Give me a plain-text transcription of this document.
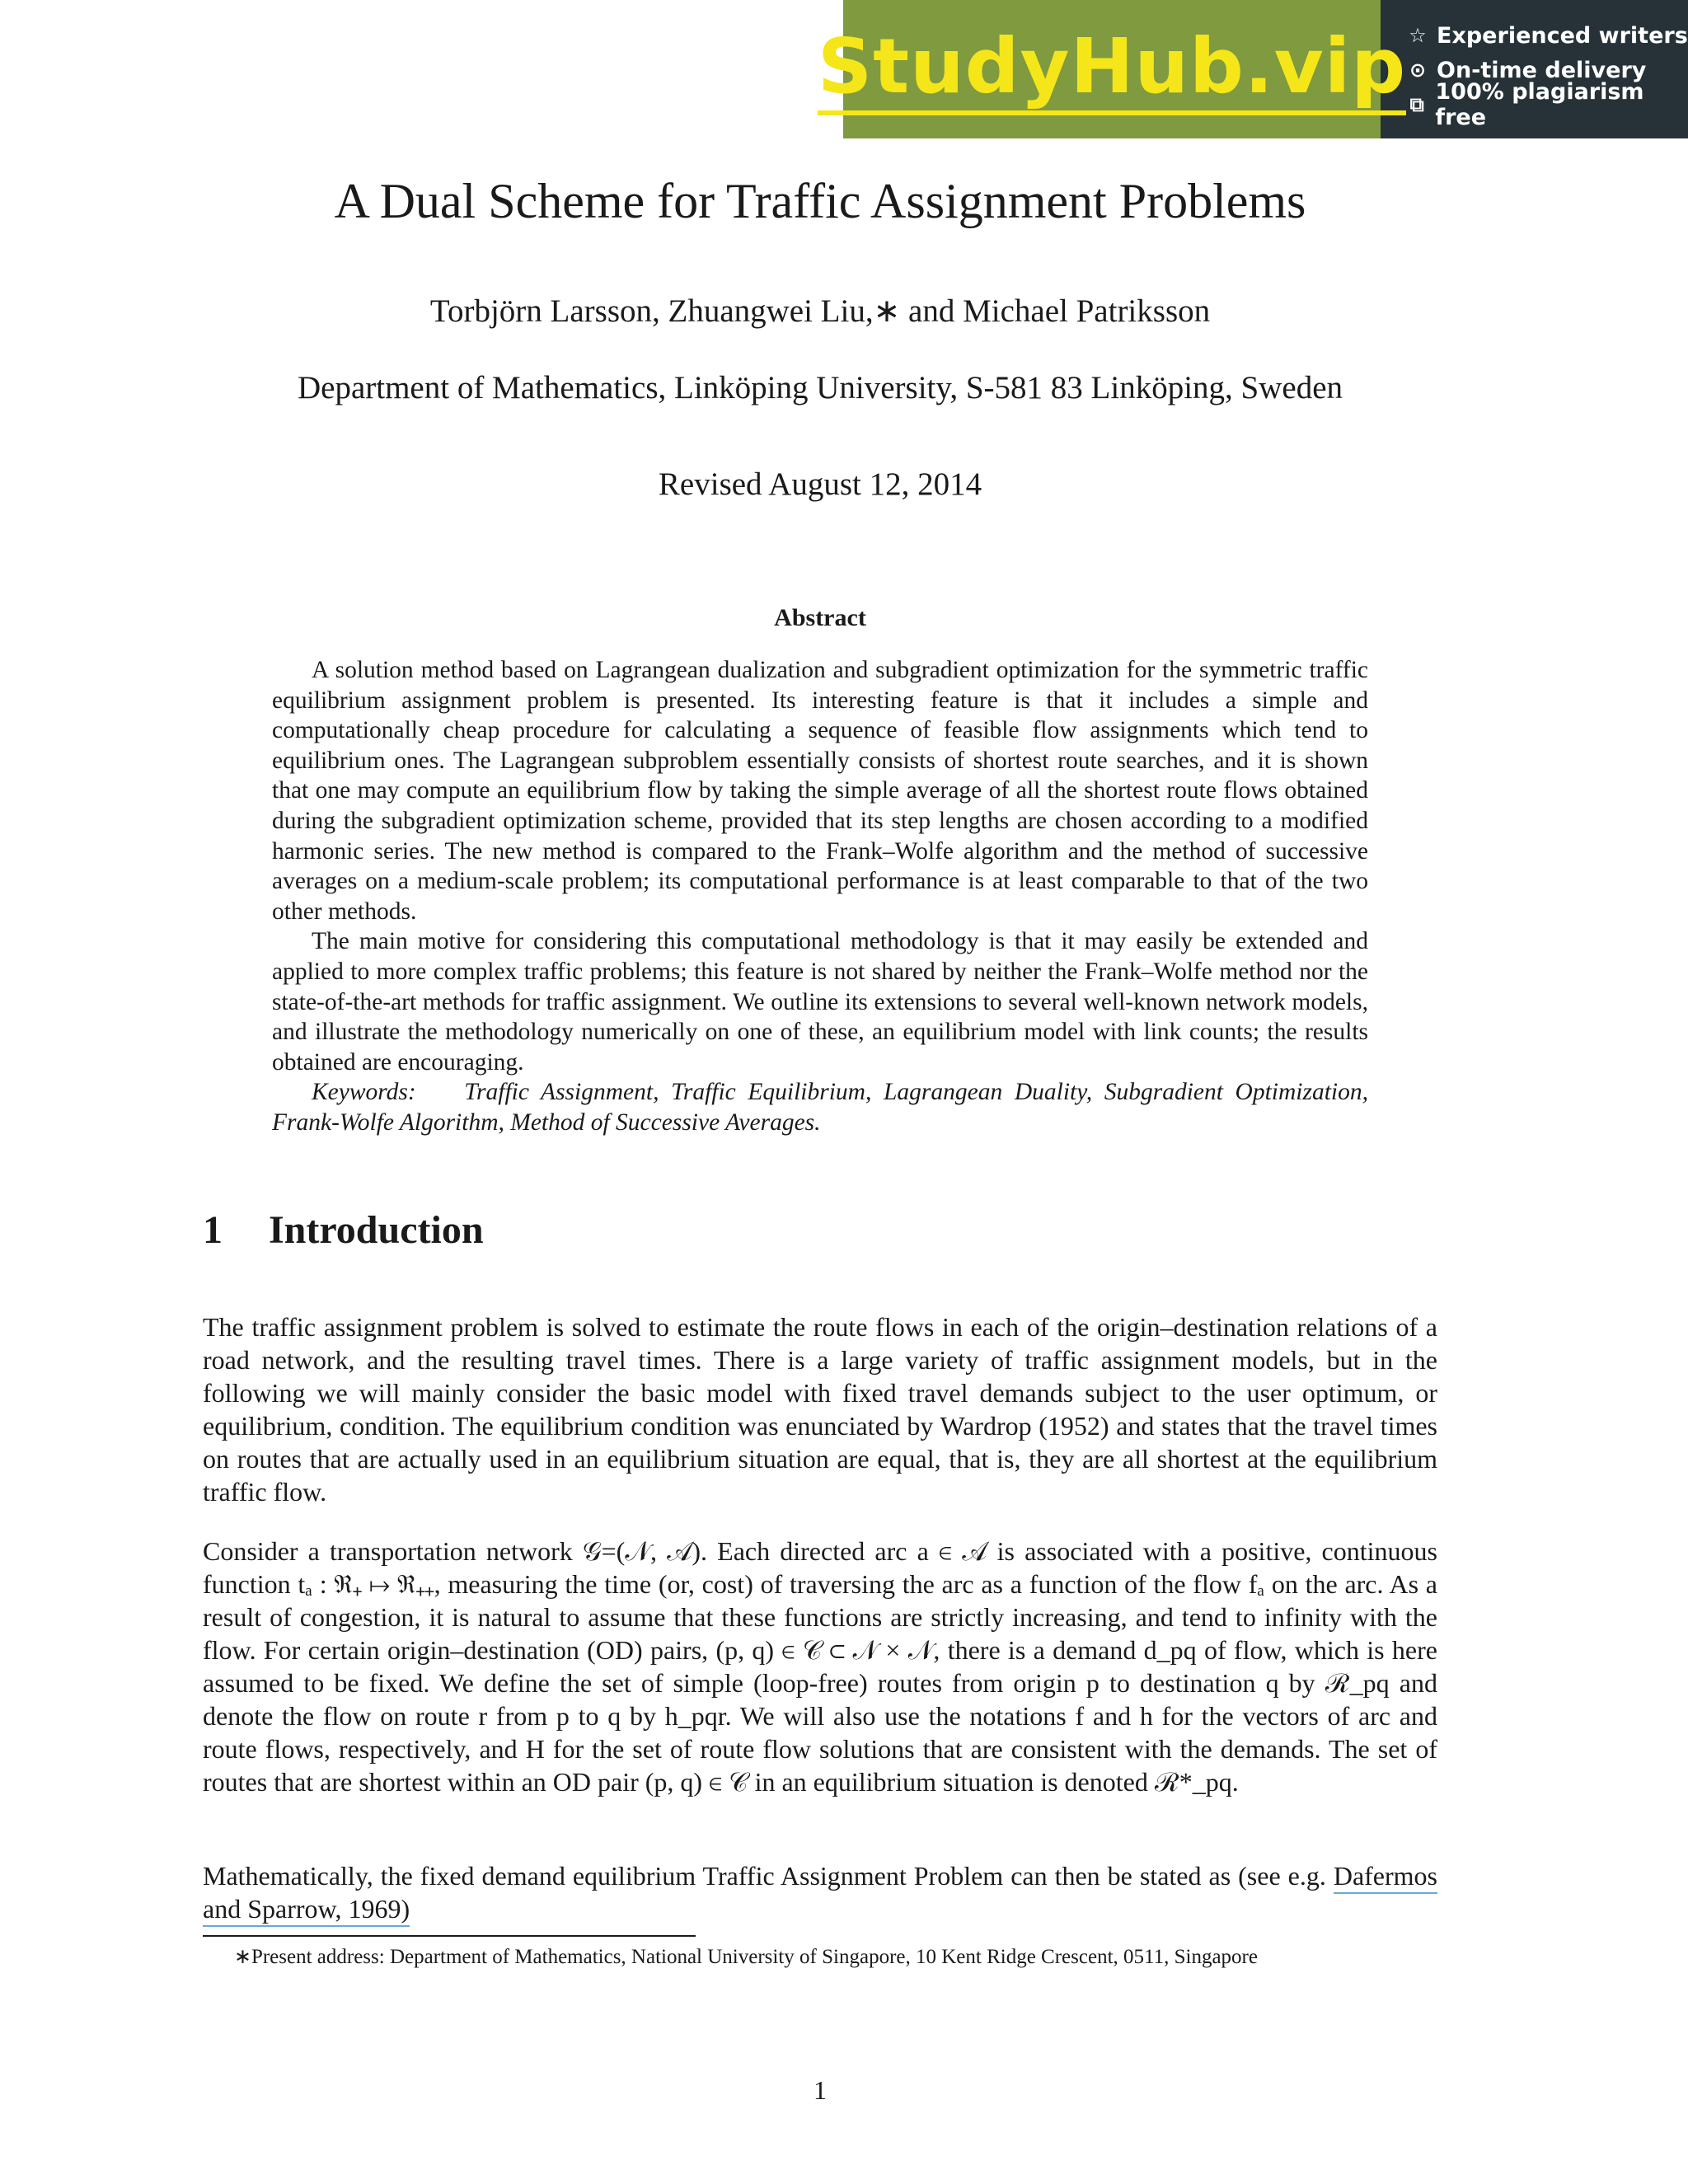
StudyHub.vip ☆ Experienced writers
⊙ On-time delivery
⧉ 100% plagiarism free
A Dual Scheme for Traffic Assignment Problems
Torbjörn Larsson, Zhuangwei Liu,∗ and Michael Patriksson
Department of Mathematics, Linköping University, S-581 83 Linköping, Sweden
Revised August 12, 2014
Abstract

A solution method based on Lagrangean dualization and subgradient optimization for the symmetric traffic equilibrium assignment problem is presented. Its interesting feature is that it includes a simple and computationally cheap procedure for calculating a sequence of feasible flow assignments which tend to equilibrium ones. The Lagrangean subproblem essentially consists of shortest route searches, and it is shown that one may compute an equilibrium flow by taking the simple average of all the shortest route flows obtained during the subgradient optimization scheme, provided that its step lengths are chosen according to a modified harmonic series. The new method is compared to the Frank–Wolfe algorithm and the method of successive averages on a medium-scale problem; its computational performance is at least comparable to that of the two other methods.

The main motive for considering this computational methodology is that it may easily be extended and applied to more complex traffic problems; this feature is not shared by neither the Frank–Wolfe method nor the state-of-the-art methods for traffic assignment. We outline its extensions to several well-known network models, and illustrate the methodology numerically on one of these, an equilibrium model with link counts; the results obtained are encouraging.

Keywords: Traffic Assignment, Traffic Equilibrium, Lagrangean Duality, Subgradient Optimization, Frank-Wolfe Algorithm, Method of Successive Averages.

1 Introduction

The traffic assignment problem is solved to estimate the route flows in each of the origin–destination relations of a road network, and the resulting travel times. There is a large variety of traffic assignment models, but in the following we will mainly consider the basic model with fixed travel demands subject to the user optimum, or equilibrium, condition. The equilibrium condition was enunciated by Wardrop (1952) and states that the travel times on routes that are actually used in an equilibrium situation are equal, that is, they are all shortest at the equilibrium traffic flow.

Consider a transportation network 𝒢=(𝒩, 𝒜). Each directed arc a ∈ 𝒜 is associated with a positive, continuous function tₐ : ℜ₊ ↦ ℜ₊₊, measuring the time (or, cost) of traversing the arc as a function of the flow fₐ on the arc. As a result of congestion, it is natural to assume that these functions are strictly increasing, and tend to infinity with the flow. For certain origin–destination (OD) pairs, (p, q) ∈ 𝒞 ⊂ 𝒩 × 𝒩, there is a demand d_pq of flow, which is here assumed to be fixed. We define the set of simple (loop-free) routes from origin p to destination q by ℛ_pq and denote the flow on route r from p to q by h_pqr. We will also use the notations f and h for the vectors of arc and route flows, respectively, and H for the set of route flow solutions that are consistent with the demands. The set of routes that are shortest within an OD pair (p, q) ∈ 𝒞 in an equilibrium situation is denoted ℛ*_pq.

Mathematically, the fixed demand equilibrium Traffic Assignment Problem can then be stated as (see e.g. Dafermos and Sparrow, 1969)

∗Present address: Department of Mathematics, National University of Singapore, 10 Kent Ridge Crescent, 0511, Singapore

1
